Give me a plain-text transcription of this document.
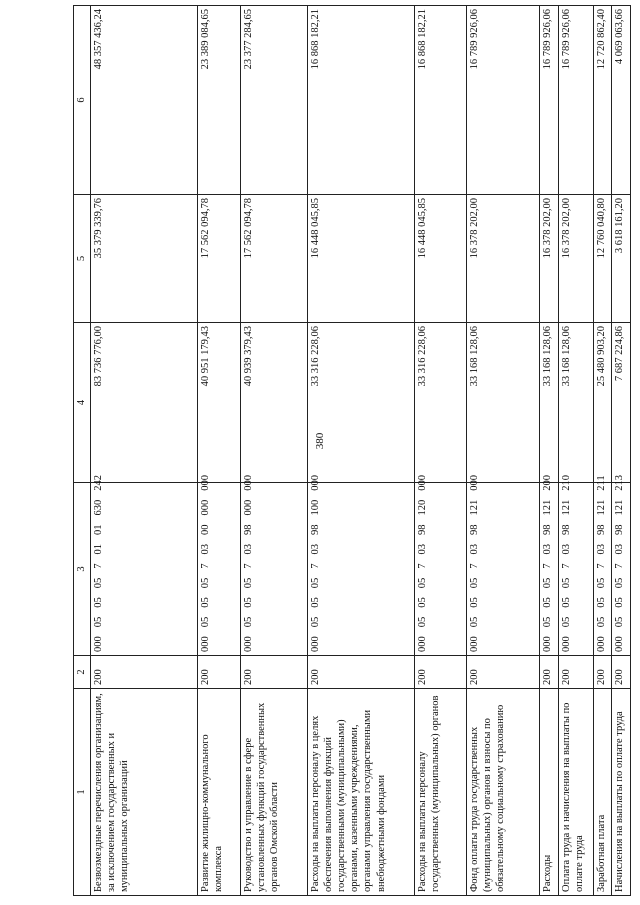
380
1	2	3	4	5	6
Безвозмездные перечисления организациям, за исключением государственных и муниципальных организаций	200	00005050570101630242	83 736 776,00	35 379 339,76	48 357 436,24
Развитие жилищно-коммунального комплекса	200	00005050570300000000	40 951 179,43	17 562 094,78	23 389 084,65
Руководство и управление в сфере установленных функций государственных органов Омской области	200	00005050570398000000	40 939 379,43	17 562 094,78	23 377 284,65
Расходы на выплаты персоналу в целях обеспечения выполнения функций государственными (муниципальными) органами, казенными учреждениями, органами управления государственными внебюджетными фондами	200	00005050570398100000	33 316 228,06	16 448 045,85	16 868 182,21
Расходы на выплаты персоналу государственных (муниципальных) органов	200	00005050570398120000	33 316 228,06	16 448 045,85	16 868 182,21
Фонд оплаты труда государственных (муниципальных) органов и взносы по обязательному социальному страхованию	200	00005050570398121000	33 168 128,06	16 378 202,00	16 789 926,06
Расходы	200	00005050570398121200	33 168 128,06	16 378 202,00	16 789 926,06
Оплата труда и начисления на выплаты по оплате труда	200	00005050570398121210	33 168 128,06	16 378 202,00	16 789 926,06
Заработная плата	200	00005050570398121211	25 480 903,20	12 760 040,80	12 720 862,40
Начисления на выплаты по оплате труда	200	00005050570398121213	7 687 224,86	3 618 161,20	4 069 063,66
